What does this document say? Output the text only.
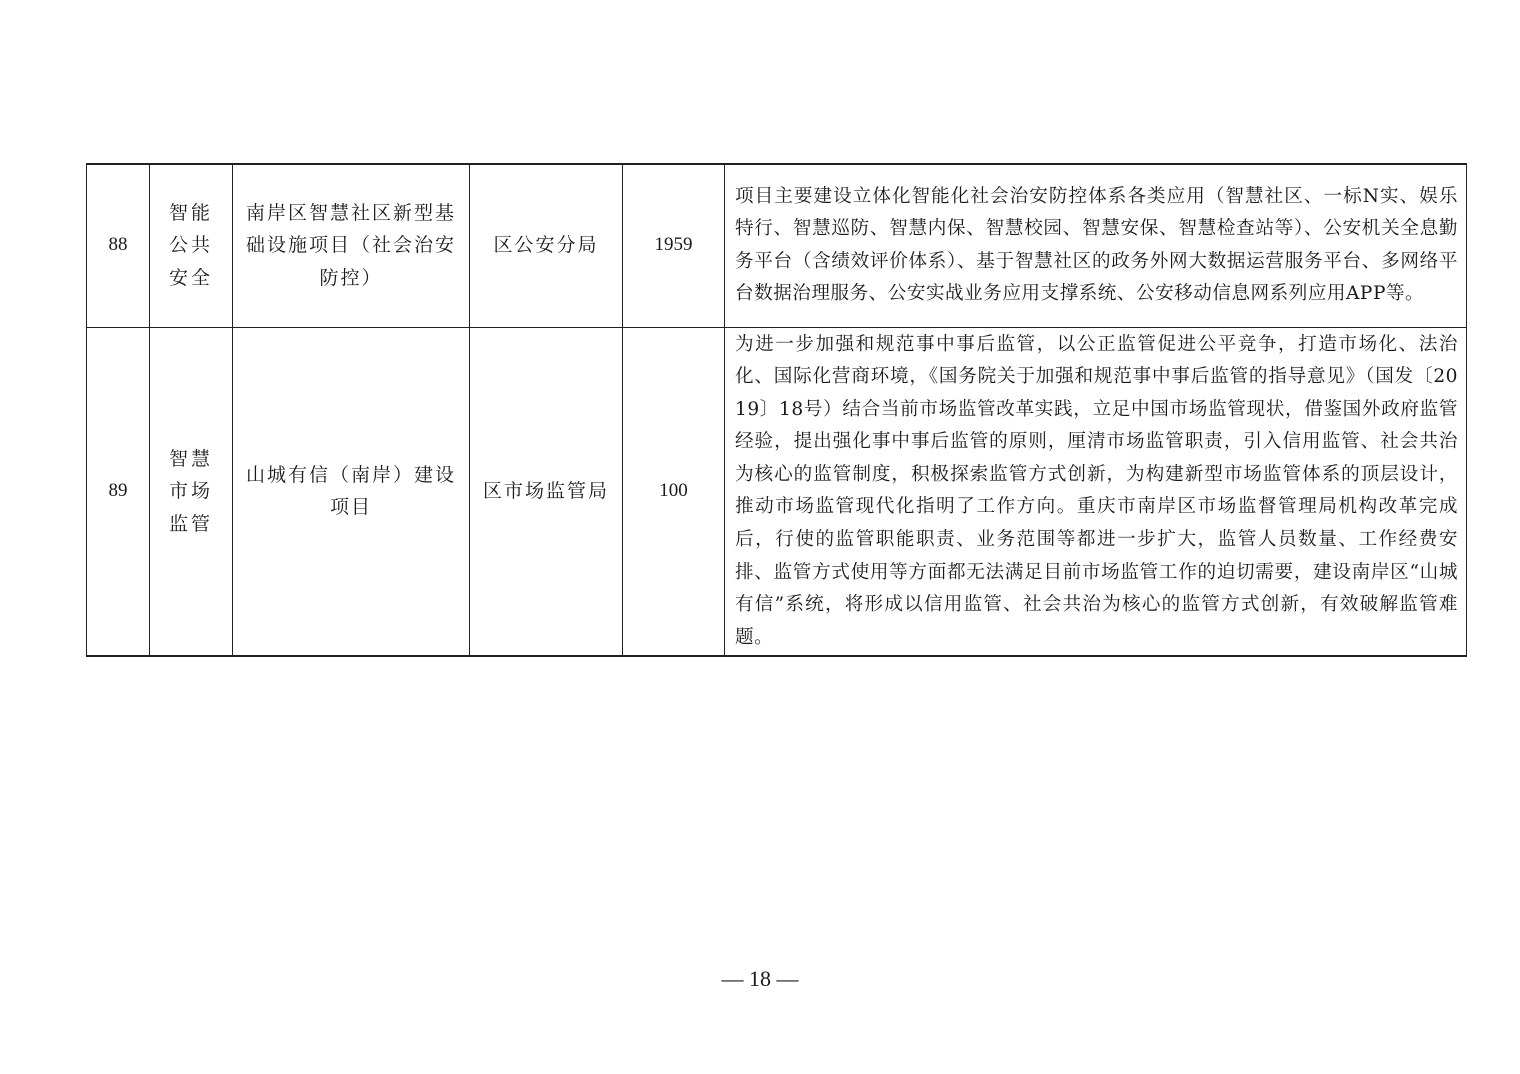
88	智能公共安全	南岸区智慧社区新型基础设施项目（社会治安防控）	区公安分局	1959	项目主要建设立体化智能化社会治安防控体系各类应用（智慧社区、一标N实、娱乐特行、智慧巡防、智慧内保、智慧校园、智慧安保、智慧检查站等）、公安机关全息勤务平台（含绩效评价体系）、基于智慧社区的政务外网大数据运营服务平台、多网络平台数据治理服务、公安实战业务应用支撑系统、公安移动信息网系列应用APP等。
89	智慧市场监管	山城有信（南岸）建设项目	区市场监管局	100	为进一步加强和规范事中事后监管，以公正监管促进公平竞争，打造市场化、法治化、国际化营商环境，《国务院关于加强和规范事中事后监管的指导意见》（国发〔2019〕18号）结合当前市场监管改革实践，立足中国市场监管现状，借鉴国外政府监管经验，提出强化事中事后监管的原则，厘清市场监管职责，引入信用监管、社会共治为核心的监管制度，积极探索监管方式创新，为构建新型市场监管体系的顶层设计，推动市场监管现代化指明了工作方向。重庆市南岸区市场监督管理局机构改革完成后，行使的监管职能职责、业务范围等都进一步扩大，监管人员数量、工作经费安排、监管方式使用等方面都无法满足目前市场监管工作的迫切需要，建设南岸区“山城有信”系统，将形成以信用监管、社会共治为核心的监管方式创新，有效破解监管难题。
— 18 —
